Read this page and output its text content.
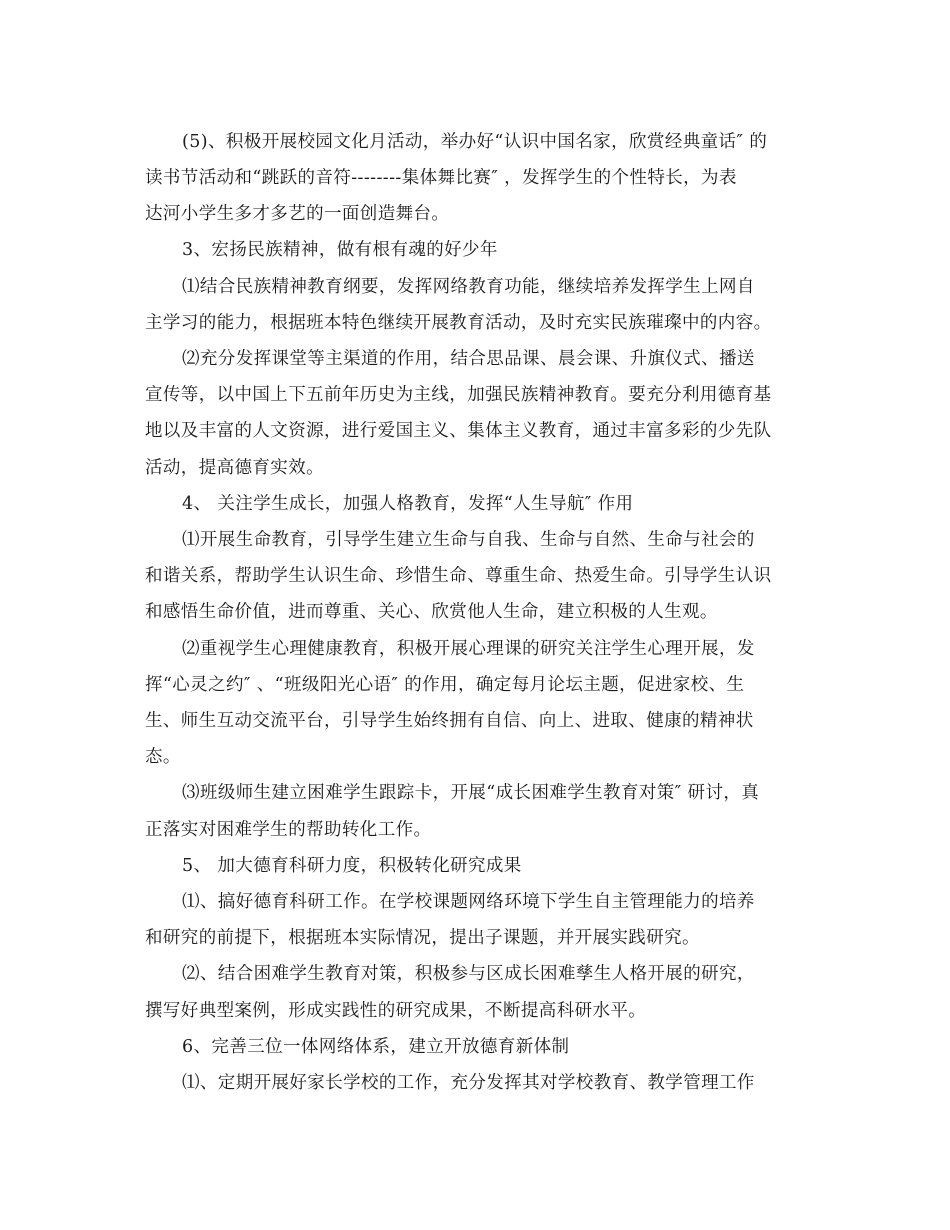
(5)、积极开展校园文化月活动，举办好“认识中国名家，欣赏经典童话″ 的
读书节活动和“跳跃的音符--------集体舞比赛″ ，发挥学生的个性特长，为表
达河小学生多才多艺的一面创造舞台。
3、宏扬民族精神，做有根有魂的好少年
⑴结合民族精神教育纲要，发挥网络教育功能，继续培养发挥学生上网自
主学习的能力，根据班本特色继续开展教育活动，及时充实民族璀璨中的内容。
⑵充分发挥课堂等主渠道的作用，结合思品课、晨会课、升旗仪式、播送
宣传等，以中国上下五前年历史为主线，加强民族精神教育。要充分利用德育基
地以及丰富的人文资源，进行爱国主义、集体主义教育，通过丰富多彩的少先队
活动，提高德育实效。
4、 关注学生成长，加强人格教育，发挥“人生导航″ 作用
⑴开展生命教育，引导学生建立生命与自我、生命与自然、生命与社会的
和谐关系，帮助学生认识生命、珍惜生命、尊重生命、热爱生命。引导学生认识
和感悟生命价值，进而尊重、关心、欣赏他人生命，建立积极的人生观。
⑵重视学生心理健康教育，积极开展心理课的研究关注学生心理开展，发
挥“心灵之约″ 、“班级阳光心语″ 的作用，确定每月论坛主题，促进家校、生
生、师生互动交流平台，引导学生始终拥有自信、向上、进取、健康的精神状
态。
⑶班级师生建立困难学生跟踪卡，开展“成长困难学生教育对策″ 研讨，真
正落实对困难学生的帮助转化工作。
5、 加大德育科研力度，积极转化研究成果
⑴、搞好德育科研工作。在学校课题网络环境下学生自主管理能力的培养
和研究的前提下，根据班本实际情况，提出子课题，并开展实践研究。
⑵、结合困难学生教育对策，积极参与区成长困难孳生人格开展的研究，
撰写好典型案例，形成实践性的研究成果，不断提高科研水平。
6、完善三位一体网络体系，建立开放德育新体制
⑴、定期开展好家长学校的工作，充分发挥其对学校教育、教学管理工作
